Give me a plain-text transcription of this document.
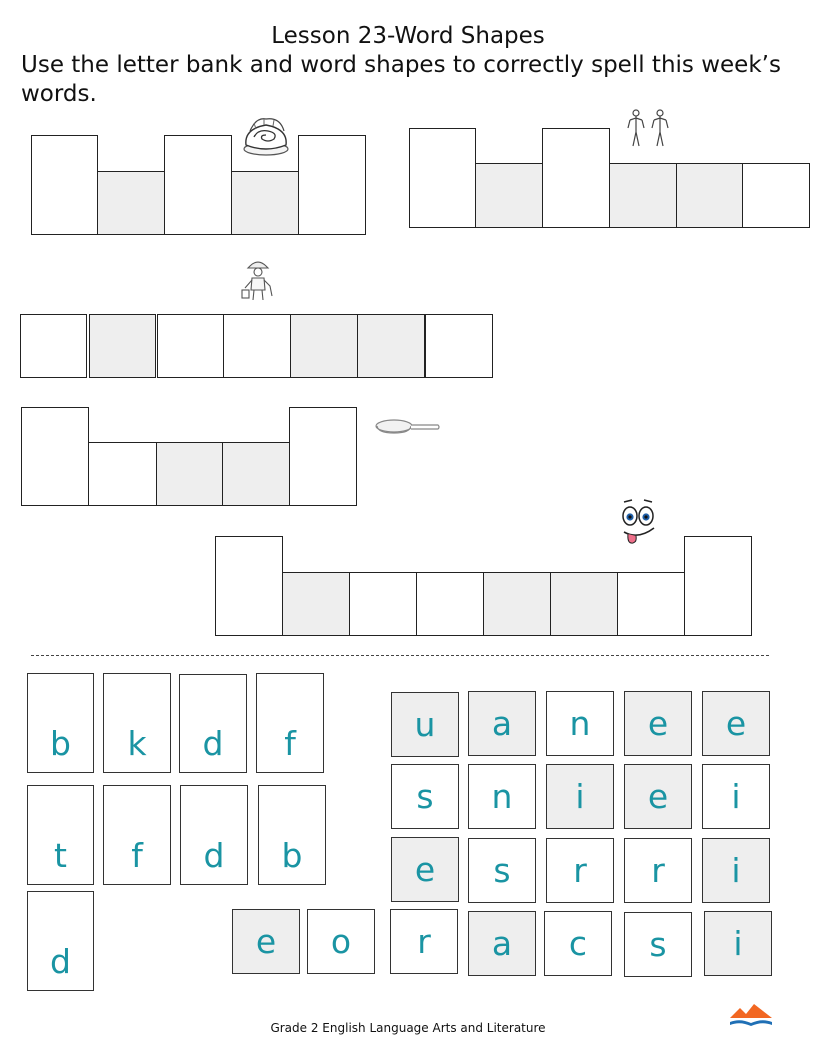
Lesson 23-Word Shapes
Use the letter bank and word shapes to correctly spell this week’s words.
b	k	d	f
t	f	d	b
d
e	o
u	a	n	e	e
s	n	i	e	i
e	s	r	r	i
r	a	c	s	i
Grade 2 English Language Arts and Literature
